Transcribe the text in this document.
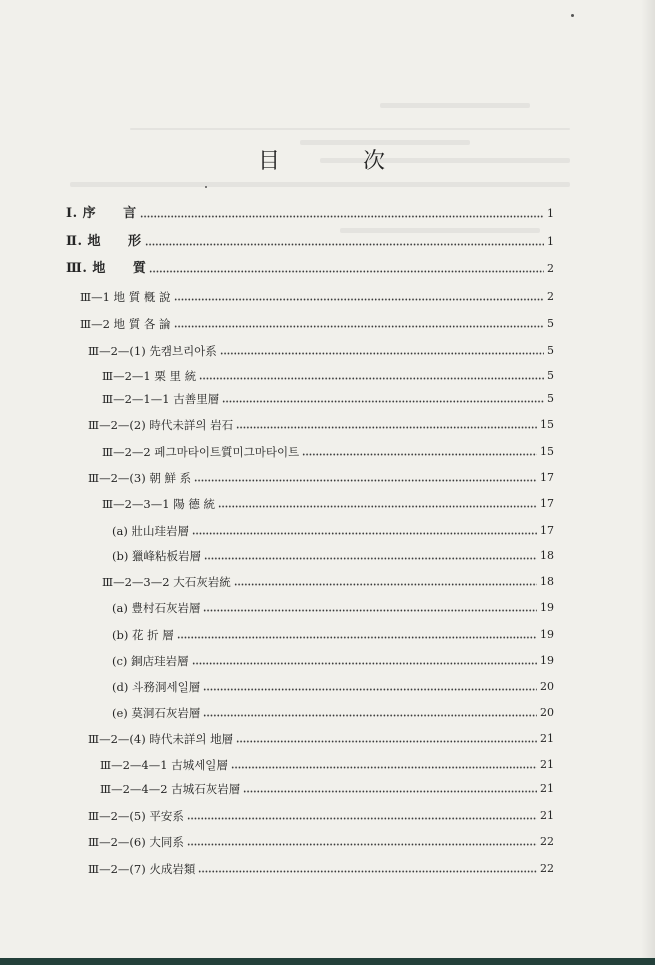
目 次
Ⅰ. 序　　言	1
Ⅱ. 地　　形	1
Ⅲ. 地　　質	2
Ⅲ—1 地 質 槪 說	2
Ⅲ—2 地 質 各 論	5
Ⅲ—2—(1) 先캠브리아系	5
Ⅲ—2—1 栗 里 統	5
Ⅲ—2—1—1 古善里層	5
Ⅲ—2—(2) 時代未詳의 岩石	15
Ⅲ—2—2 페그마타이트質미그마타이트	15
Ⅲ—2—(3) 朝 鮮 系	17
Ⅲ—2—3—1 陽 德 統	17
(a) 壯山珪岩層	17
(b) 獵峰粘板岩層	18
Ⅲ—2—3—2 大石灰岩統	18
(a) 豊村石灰岩層	19
(b) 花 折 層	19
(c) 銅店珪岩層	19
(d) 斗務洞세일層	20
(e) 莫洞石灰岩層	20
Ⅲ—2—(4) 時代未詳의 地層	21
Ⅲ—2—4—1 古城세일層	21
Ⅲ—2—4—2 古城石灰岩層	21
Ⅲ—2—(5) 平安系	21
Ⅲ—2—(6) 大同系	22
Ⅲ—2—(7) 火成岩類	22
